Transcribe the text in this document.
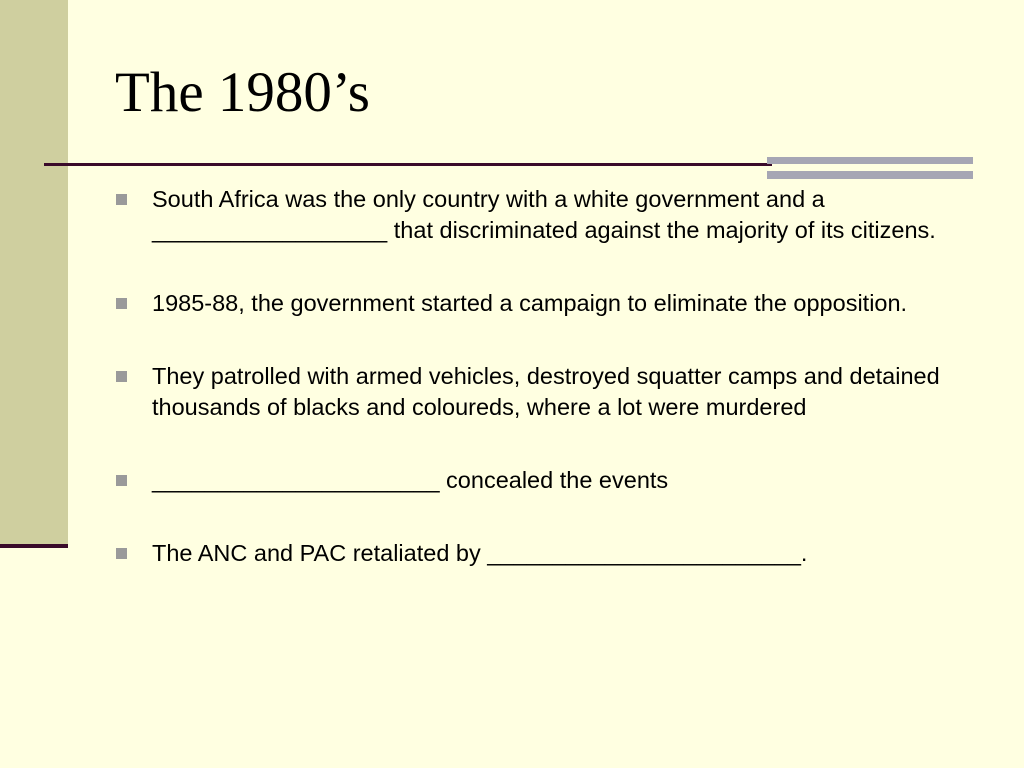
The 1980’s
South Africa was the only country with a white government and a __________________ that discriminated against the majority of its citizens.
1985-88, the government started a campaign to eliminate the opposition.
They patrolled with armed vehicles, destroyed squatter camps and detained thousands of blacks and coloureds, where a lot were murdered
______________________ concealed the events
The ANC and PAC retaliated by ________________________.
